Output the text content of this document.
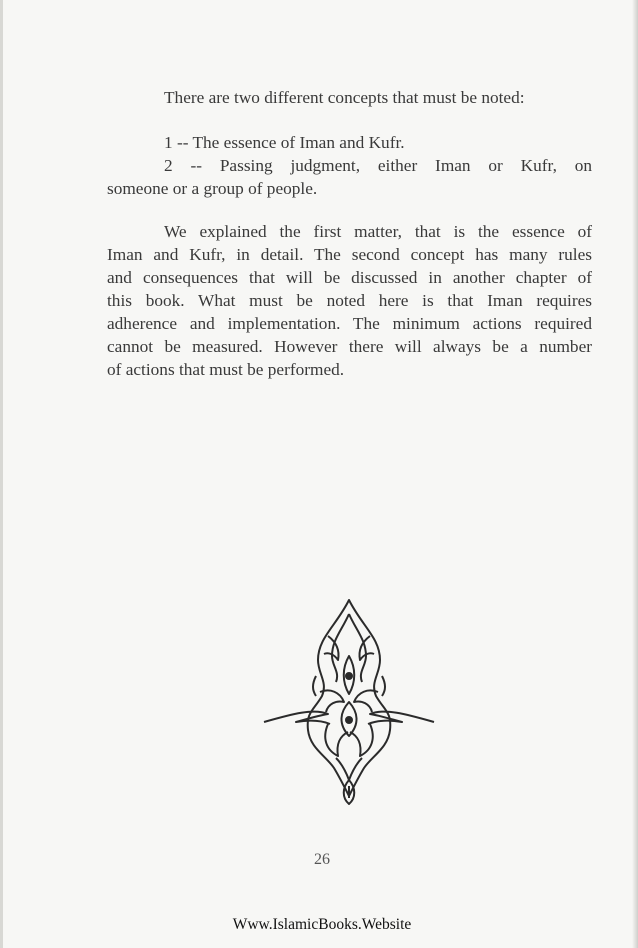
There are two different concepts that must be noted:
1 -- The essence of Iman and Kufr.
2 -- Passing judgment, either Iman or Kufr, on
someone or a group of people.
We explained the first matter, that is the essence of
Iman and Kufr, in detail. The second concept has many rules
and consequences that will be discussed in another chapter of
this book. What must be noted here is that Iman requires
adherence and implementation. The minimum actions required
cannot be measured. However there will always be a number
of actions that must be performed.
26
Www.IslamicBooks.Website
